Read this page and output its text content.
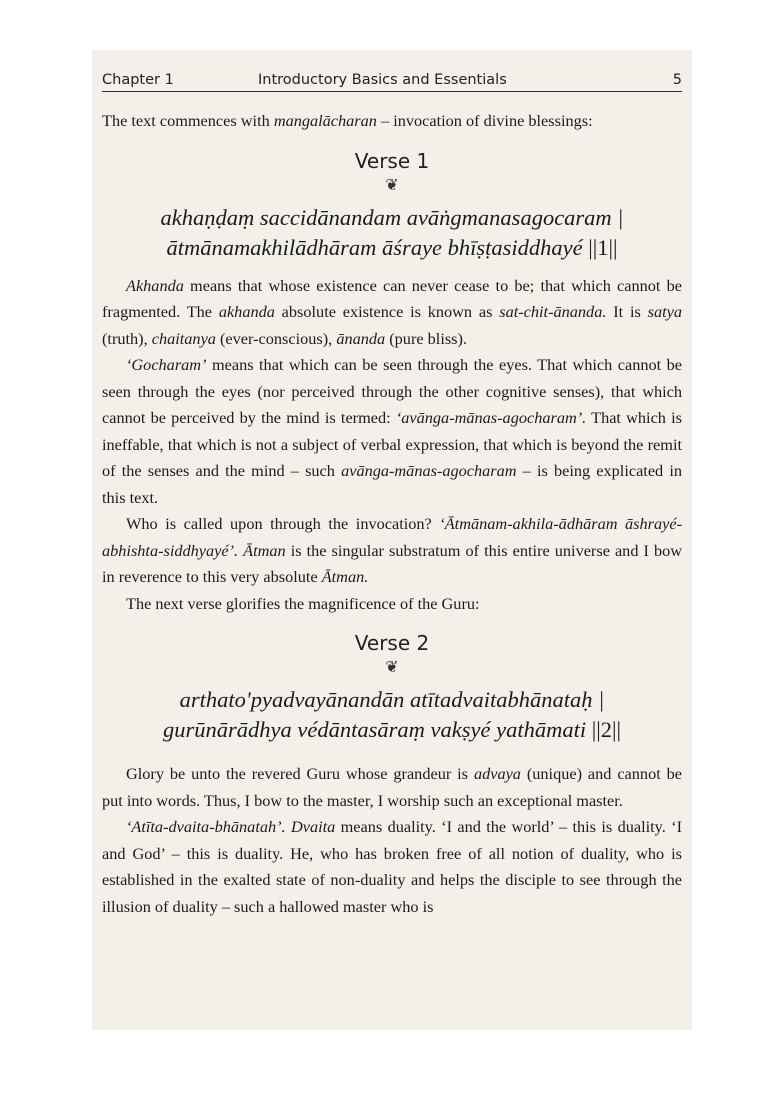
Chapter 1	Introductory Basics and Essentials	5

The text commences with mangalācharan – invocation of divine blessings:

Verse 1
❦
akhaṇḍaṃ saccidānandam avāṅgmanasagocaram |
ātmānamakhilādhāram āśraye bhīṣṭasiddhayé ||1||

Akhanda means that whose existence can never cease to be; that which cannot be fragmented. The akhanda absolute existence is known as sat-chit-ānanda. It is satya (truth), chaitanya (ever-conscious), ānanda (pure bliss).

‘Gocharam’ means that which can be seen through the eyes. That which cannot be seen through the eyes (nor perceived through the other cognitive senses), that which cannot be perceived by the mind is termed: ‘avānga-mānas-agocharam’. That which is ineffable, that which is not a subject of verbal expression, that which is beyond the remit of the senses and the mind – such avānga-mānas-agocharam – is being explicated in this text.

Who is called upon through the invocation? ‘Ātmānam-akhila-ādhāram āshrayé-abhishta-siddhyayé’. Ātman is the singular substratum of this entire universe and I bow in reverence to this very absolute Ātman.

The next verse glorifies the magnificence of the Guru:

Verse 2
❦
arthato'pyadvayānandān atītadvaitabhānataḥ |
gurūnārādhya védāntasāraṃ vakṣyé yathāmati ||2||

Glory be unto the revered Guru whose grandeur is advaya (unique) and cannot be put into words. Thus, I bow to the master, I worship such an exceptional master.

‘Atīta-dvaita-bhānatah’. Dvaita means duality. ‘I and the world’ – this is duality. ‘I and God’ – this is duality. He, who has broken free of all notion of duality, who is established in the exalted state of non-duality and helps the disciple to see through the illusion of duality – such a hallowed master who is
